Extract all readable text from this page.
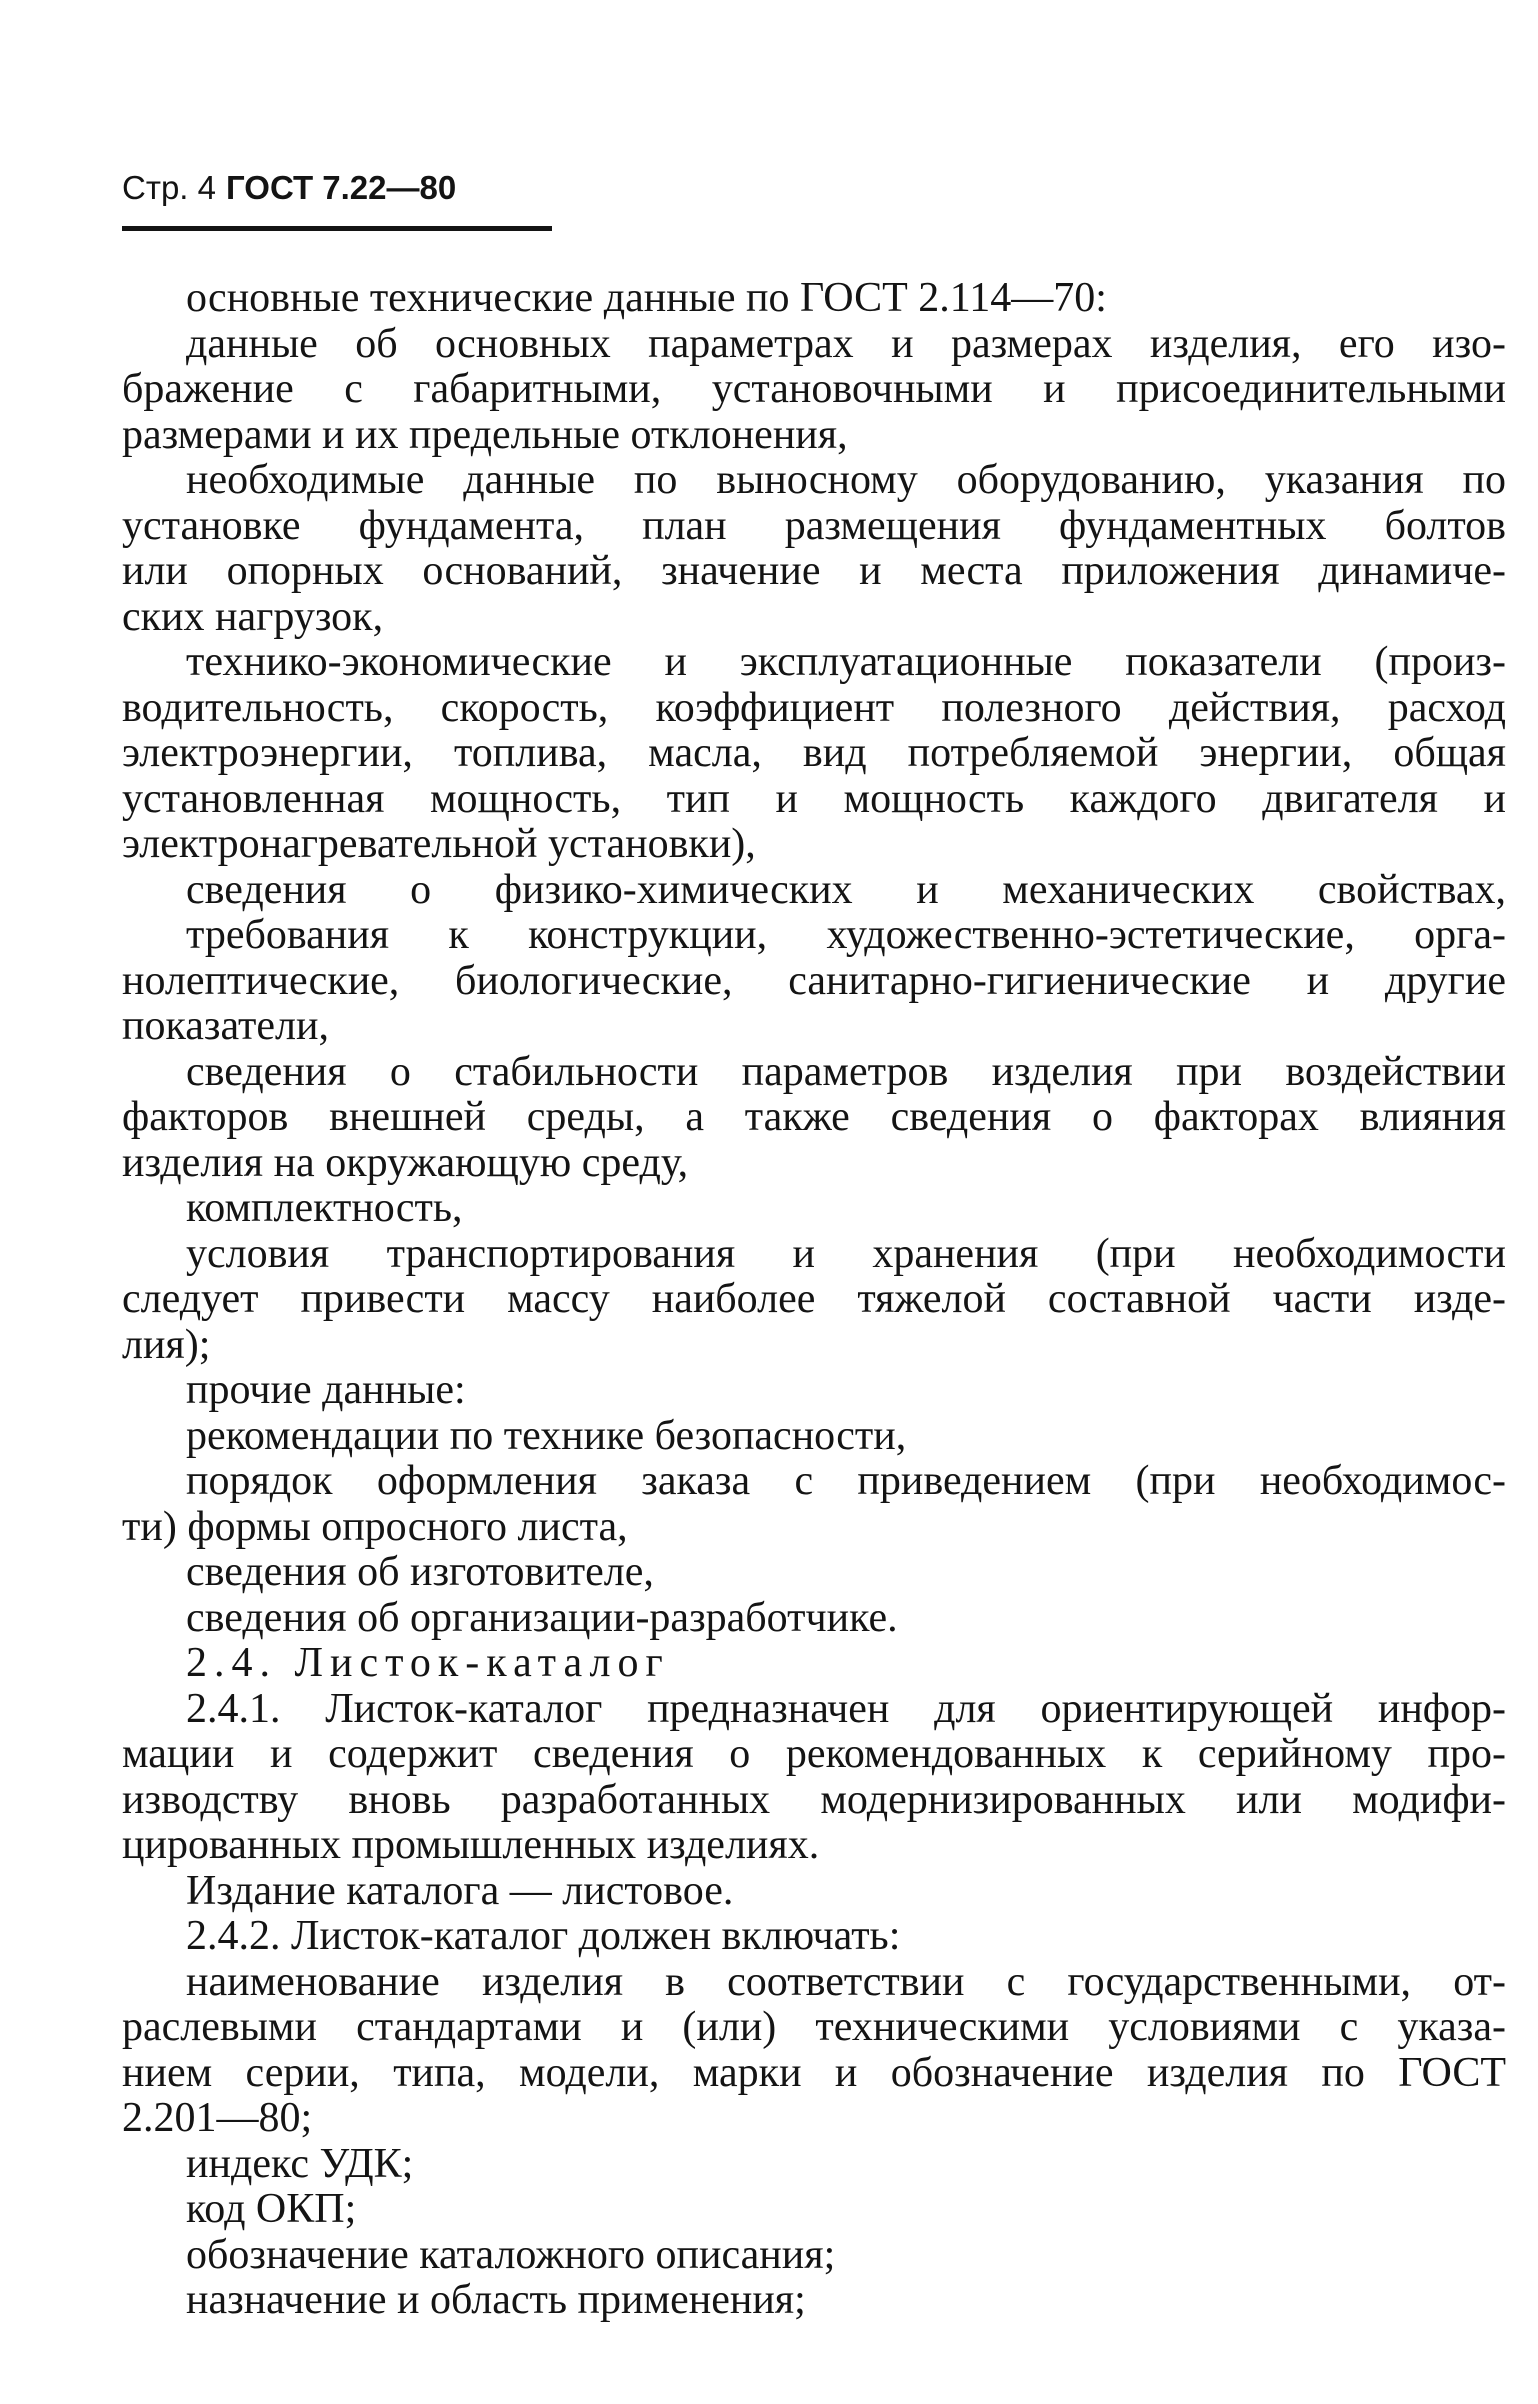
Стр. 4 ГОСТ 7.22—80
основные технические данные по ГОСТ 2.114—70:
данные об основных параметрах и размерах изделия, его изо-
бражение с габаритными, установочными и присоединительными
размерами и их предельные отклонения,
необходимые данные по выносному оборудованию, указания по
установке фундамента, план размещения фундаментных болтов
или опорных оснований, значение и места приложения динамиче-
ских нагрузок,
технико-экономические и эксплуатационные показатели (произ-
водительность, скорость, коэффициент полезного действия, расход
электроэнергии, топлива, масла, вид потребляемой энергии, общая
установленная мощность, тип и мощность каждого двигателя и
электронагревательной установки),
сведения о физико-химических и механических свойствах,
требования к конструкции, художественно-эстетические, орга-
нолептические, биологические, санитарно-гигиенические и другие
показатели,
сведения о стабильности параметров изделия при воздействии
факторов внешней среды, а также сведения о факторах влияния
изделия на окружающую среду,
комплектность,
условия транспортирования и хранения (при необходимости
следует привести массу наиболее тяжелой составной части изде-
лия);
прочие данные:
рекомендации по технике безопасности,
порядок оформления заказа с приведением (при необходимос-
ти) формы опросного листа,
сведения об изготовителе,
сведения об организации-разработчике.
2.4. Листок-каталог
2.4.1. Листок-каталог предназначен для ориентирующей инфор-
мации и содержит сведения о рекомендованных к серийному про-
изводству вновь разработанных модернизированных или модифи-
цированных промышленных изделиях.
Издание каталога — листовое.
2.4.2. Листок-каталог должен включать:
наименование изделия в соответствии с государственными, от-
раслевыми стандартами и (или) техническими условиями с указа-
нием серии, типа, модели, марки и обозначение изделия по ГОСТ
2.201—80;
индекс УДК;
код ОКП;
обозначение каталожного описания;
назначение и область применения;
